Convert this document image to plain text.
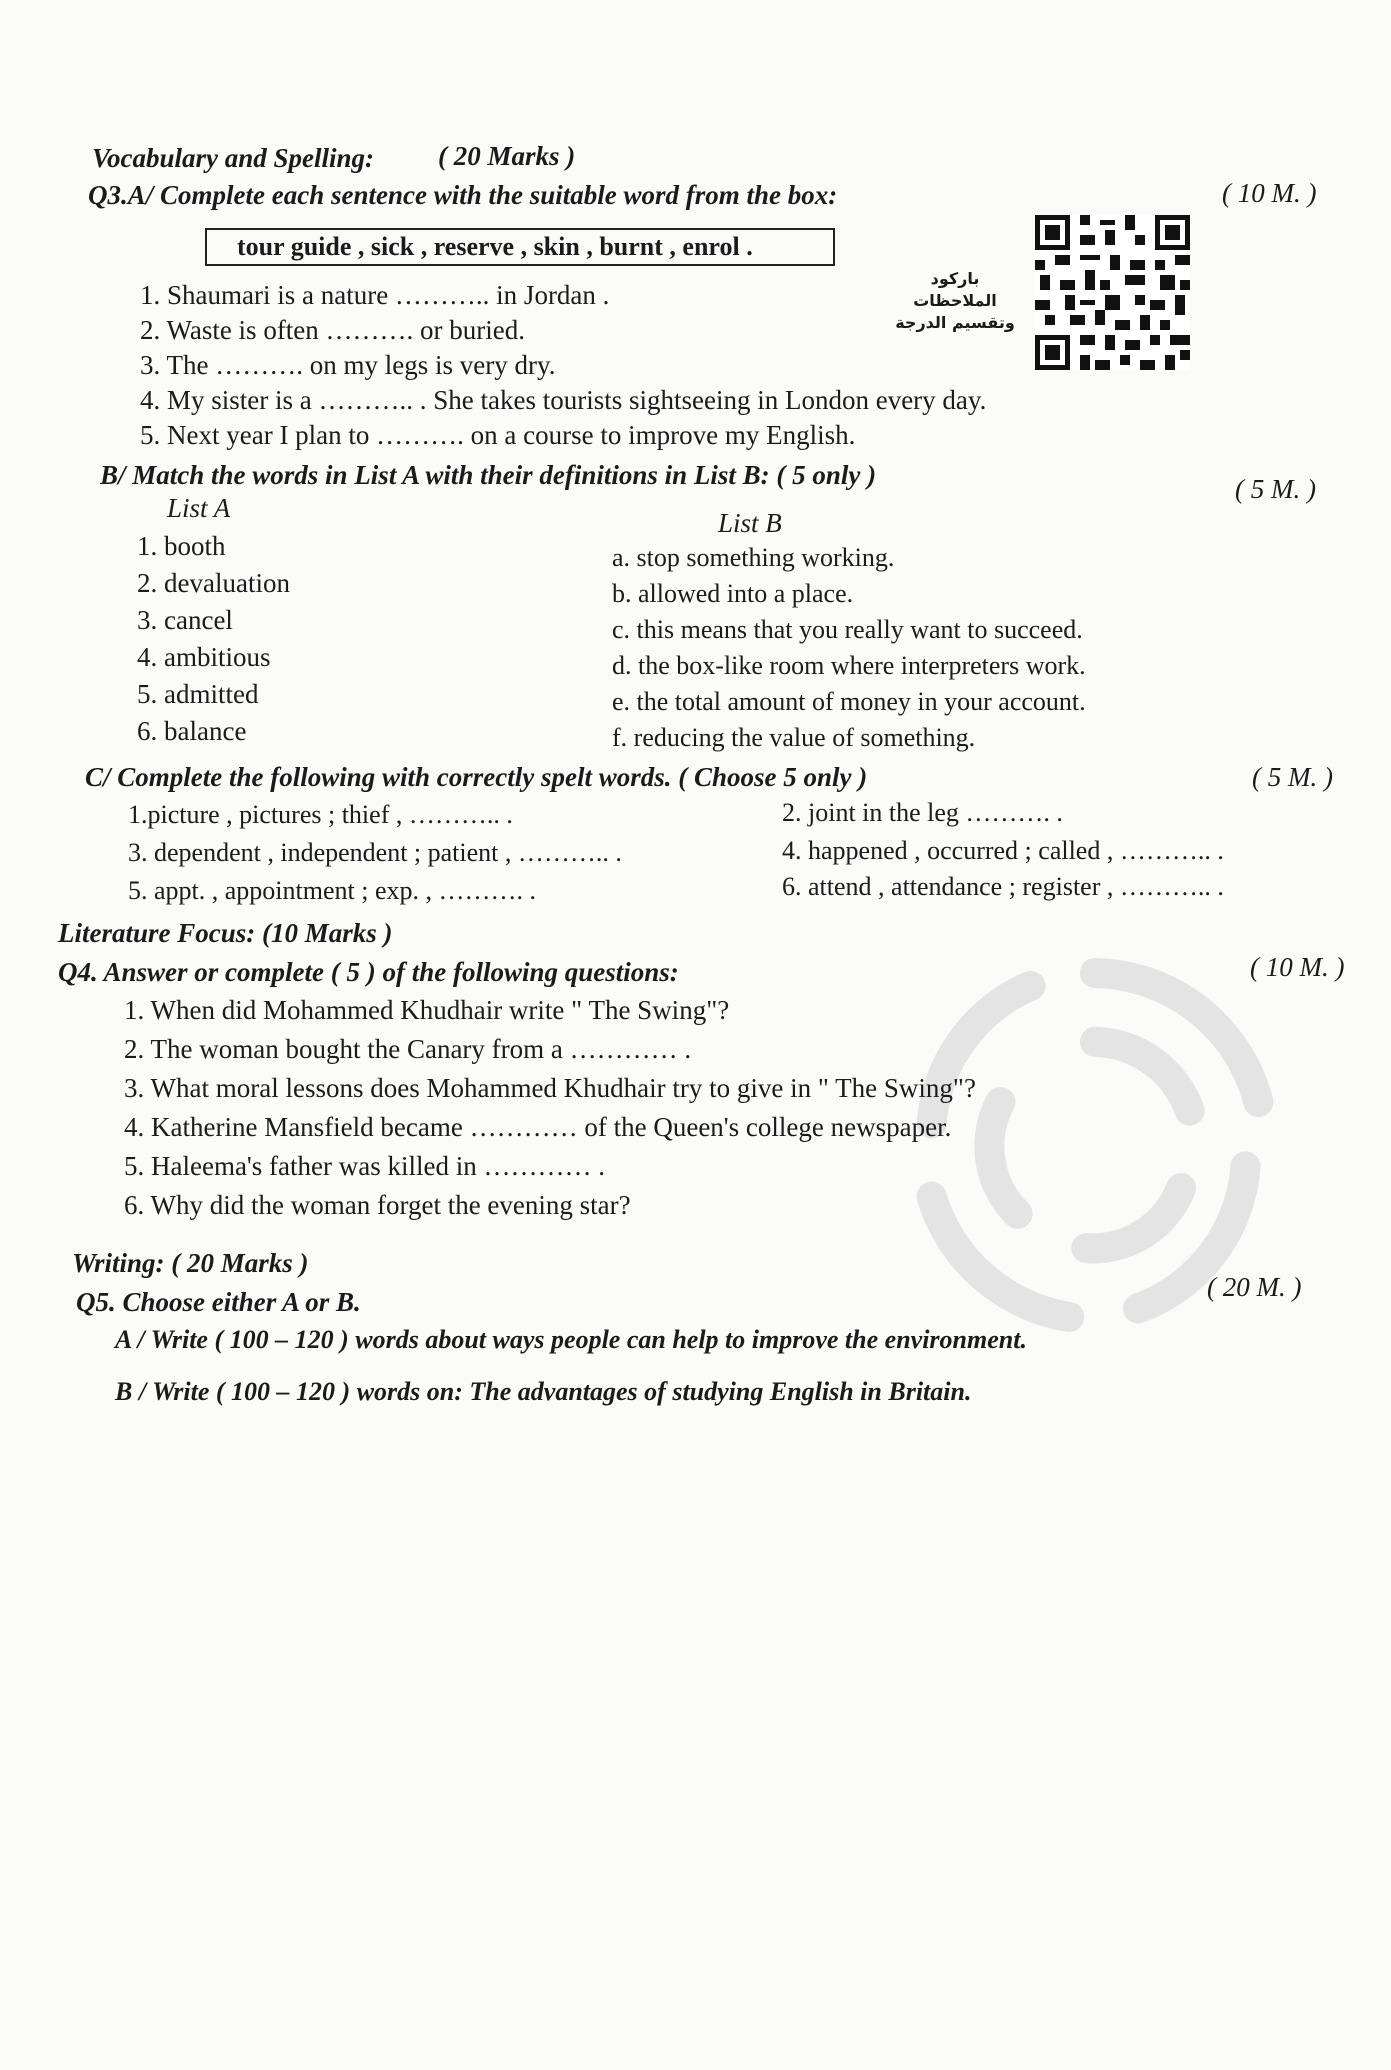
Vocabulary and Spelling: ( 20 Marks )
Q3.A/ Complete each sentence with the suitable word from the box:	( 10 M. )
tour guide , sick , reserve , skin , burnt , enrol .
باركود الملاحظات وتقسيم الدرجة
1. Shaumari is a nature ……….. in Jordan .
2. Waste is often ………. or buried.
3. The ………. on my legs is very dry.
4. My sister is a ……….. . She takes tourists sightseeing in London every day.
5. Next year I plan to ………. on a course to improve my English.
B/ Match the words in List A with their definitions in List B: ( 5 only )	( 5 M. )
List A	List B
1. booth
2. devaluation
3. cancel
4. ambitious
5. admitted
6. balance
a. stop something working.
b. allowed into a place.
c. this means that you really want to succeed.
d. the box-like room where interpreters work.
e. the total amount of money in your account.
f. reducing the value of something.
C/ Complete the following with correctly spelt words. ( Choose 5 only )	( 5 M. )
1.picture , pictures ; thief , ……….. .	2. joint in the leg ………. .
3. dependent , independent ; patient , ……….. .	4. happened , occurred ; called , ……….. .
5. appt. , appointment ; exp. , ………. .	6. attend , attendance ; register , ……….. .
Literature Focus: (10 Marks )
Q4. Answer or complete ( 5 ) of the following questions:	( 10 M. )
1. When did Mohammed Khudhair write " The Swing"?
2. The woman bought the Canary from a ………… .
3. What moral lessons does Mohammed Khudhair try to give in " The Swing"?
4. Katherine Mansfield became ………… of the Queen's college newspaper.
5. Haleema's father was killed in ………… .
6. Why did the woman forget the evening star?
Writing: ( 20 Marks )
Q5. Choose either A or B.	( 20 M. )
A / Write ( 100 – 120 ) words about ways people can help to improve the environment.
B / Write ( 100 – 120 ) words on: The advantages of studying English in Britain.
